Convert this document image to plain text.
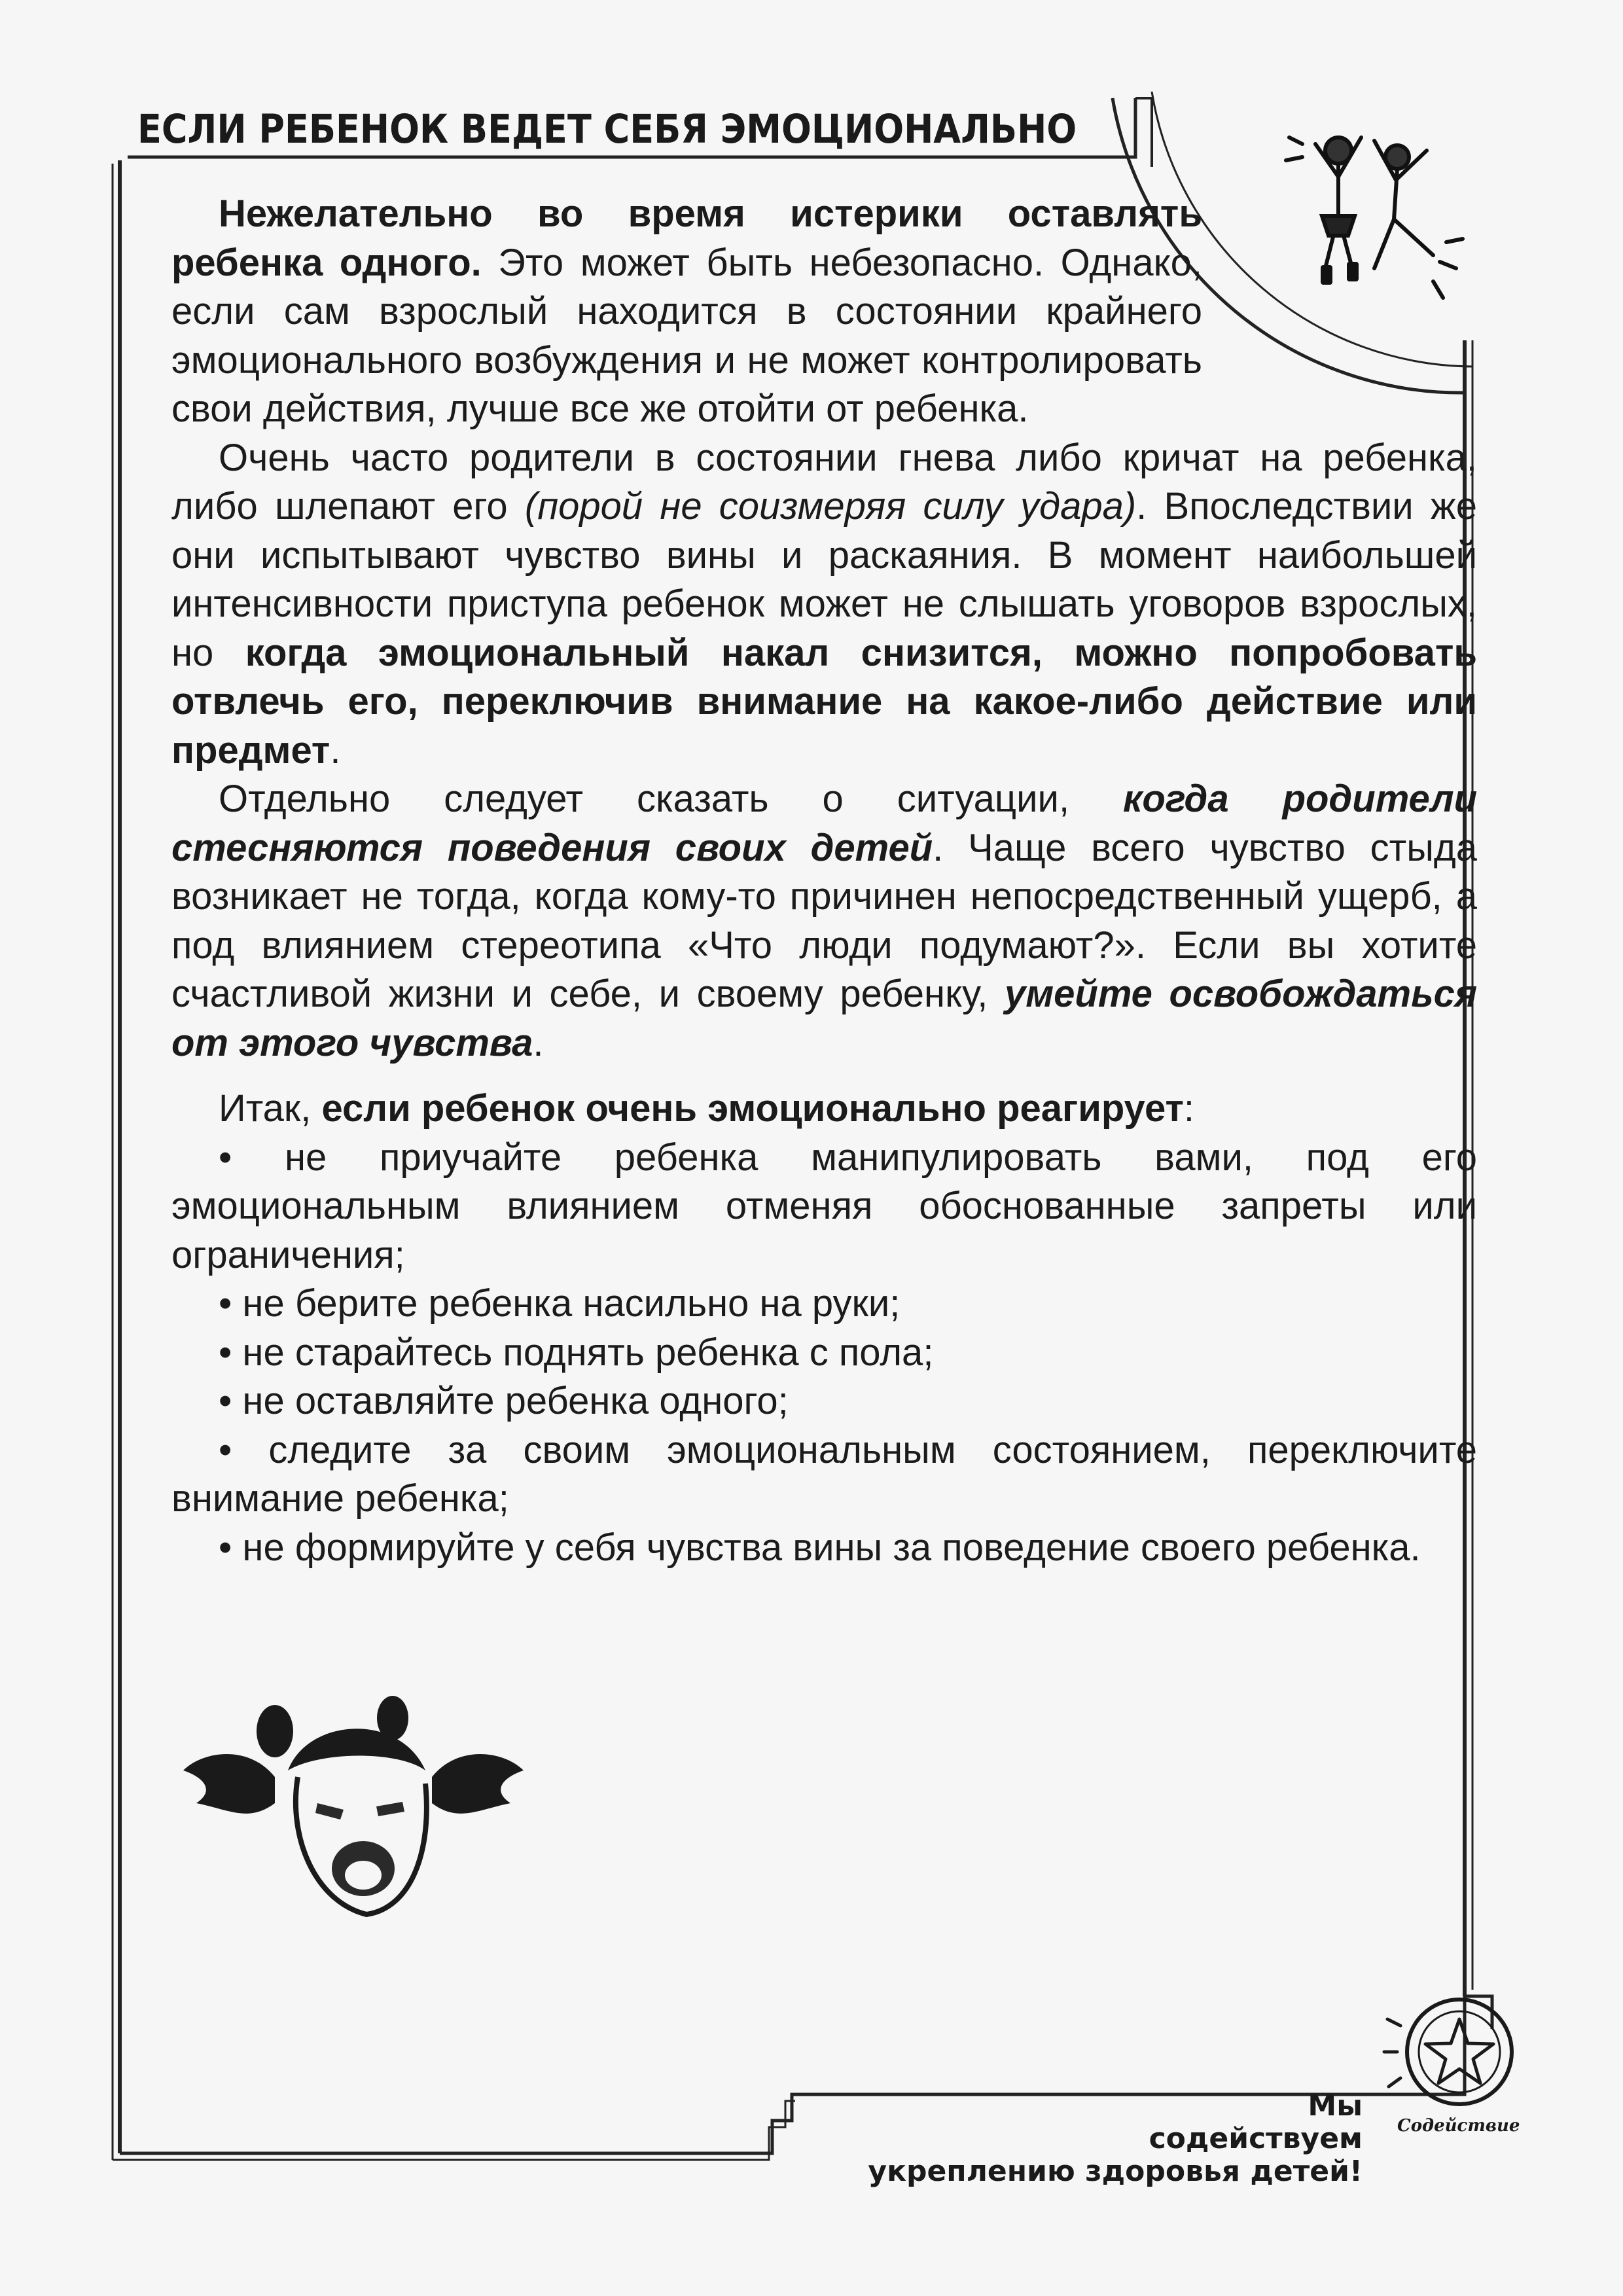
ЕСЛИ РЕБЕНОК ВЕДЕТ СЕБЯ ЭМОЦИОНАЛЬНО

Нежелательно во время истерики оставлять ребенка одного. Это может быть небезопасно. Однако, если сам взрослый находится в состоянии крайнего эмоционального возбуждения и не может контролировать свои действия, лучше все же отойти от ребенка.

Очень часто родители в состоянии гнева либо кричат на ребенка, либо шлепают его (порой не соизмеряя силу удара). Впоследствии же они испытывают чувство вины и раскаяния. В момент наибольшей интенсивности приступа ребенок может не слышать уговоров взрослых, но когда эмоциональный накал снизится, можно попробовать отвлечь его, переключив внимание на какое-либо действие или предмет.

Отдельно следует сказать о ситуации, когда родители стесняются поведения своих детей. Чаще всего чувство стыда возникает не тогда, когда кому-то причинен непосредственный ущерб, а под влиянием стереотипа «Что люди подумают?». Если вы хотите счастливой жизни и себе, и своему ребенку, умейте освобождаться от этого чувства.

Итак, если ребенок очень эмоционально реагирует:

• не приучайте ребенка манипулировать вами, под его эмоциональным влиянием отменяя обоснованные запреты или ограничения;
• не берите ребенка насильно на руки;
• не старайтесь поднять ребенка с пола;
• не оставляйте ребенка одного;
• следите за своим эмоциональным состоянием, переключите внимание ребенка;
• не формируйте у себя чувства вины за поведение своего ребенка.
Мы
содействуем
укреплению здоровья детей!
Содействие
